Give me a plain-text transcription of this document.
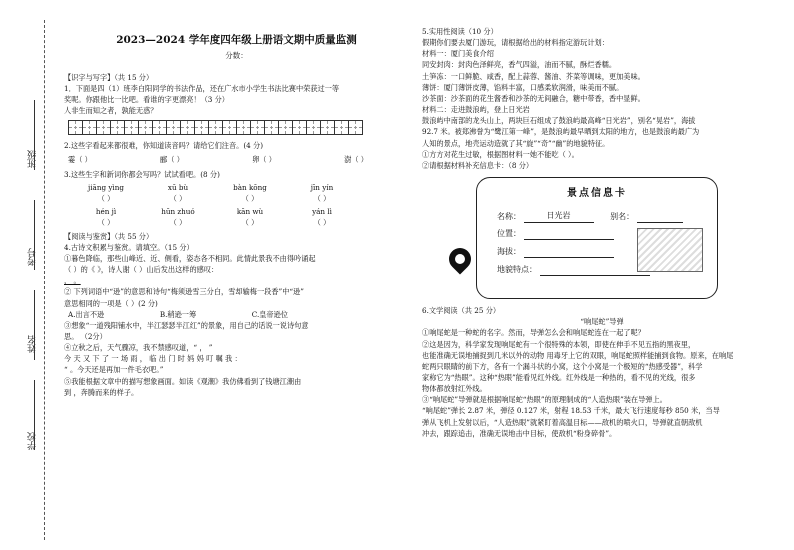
班级
考号
姓名
学校
2023—2024 学年度四年级上册语文期中质量监测
分数：

【识字与写字】（共 15 分）

1．下面是四（1）班李白阳同学的书法作品，还在广水市小学生书法比赛中荣获过一等

奖呢。你跟他比一比吧。看谁的字更漂亮！（3 分）

人非生而知之者，孰能无惑？

2.这些字看起来都很难，你知道读音吗？请给它们注音。(4 分)

霎（ ）	郦（ ）	卵（ ）	澍（ ）

3.这些生字和新词你都会写吗？试试看吧。(8 分)

jiāng yìng	xū bù	bàn kōng	jīn yín
（ ）	（ ）	（ ）	（ ）
hén jì	hūn zhuó	kān wù	yán lì
（ ）	（ ）	（ ）	（ ）

【阅读与鉴赏】（共 55 分）

4.古诗文积累与鉴赏。请填空。（15 分）

①暮色降临，那些山峰近、近、侧看，姿态各不相同。此情此景我不由得吟诵起

（ ）的《 》，诗人谢（ ）山后发出这样的感叹：

， 。

② 下列词语中“逊”的意思和诗句“梅须逊雪三分白，雪却输梅一段香”中“逊”

意思相同的一项是（ ）(2 分)

A.出言不逊	B.稍逊一筹	C.皇帝逊位

③想象“一道残阳铺水中，半江瑟瑟半江红”的景象，用自己的话说一说诗句意

思。 （2分）

④立秋之后，天气骤凉，我不禁感叹道，“ ， ”

今 天 又 下 了 一 场 雨 ， 临 出 门 时 妈 妈 叮 嘱 我 ：

“ 。今天还是再加一件毛衣吧。”

⑤我能根据文章中的描写想象画面。如读《观潮》我仿佛看到了钱塘江潮由

到 ，奔腾而来的样子。

5.实用性阅读（10 分）

假期你们要去厦门游玩，请根据给出的材料指定游玩计划：

材料一：厦门美食介绍

同安封肉：封肉色泽鲜亮，香气四溢，油而不腻，酥烂香糯。

土笋冻：一口鲜脆、咸香，配上蒜蓉、酱油、芥菜等调味，更加美味。

薄饼：厦门薄饼皮薄，馅料丰富，口感柔软润滑，味美而不腻。

沙茶面：沙茶面的花生酱香和沙茶的无间融合，糖中带香，香中显鲜。

材料二：走进鼓浪屿，登上日光岩

鼓浪屿中南部的龙头山上，两块巨石组成了鼓浪屿最高峰“日光岩”，别名“晃岩”，海拔

92.7 米。被郑沸誉为“鹭江第一峰”，是鼓浪屿最早晒到太阳的地方，也是鼓浪屿最广为

人知的景点，地壳运动造就了其“旋”“奇”“幽”的地貌特征。

①方方对花生过敏，根据图材料一她不能吃（ ）。

②请根据材料补充信息卡：（8 分）

景点信息卡
名称：	日光岩	别名：
位置：
海拔：
地貌特点：

6.文学阅读（共 25 分）

“响尾蛇”导弹

①响尾蛇是一种蛇的名字。然而，导弹怎么会和响尾蛇连在一起了呢？

②这是因为，科学家发现响尾蛇有一个很特殊的本领，即使在伸手不见五指的黑夜里，

也能准确无误地捕捉到几米以外的动物 用毒牙上它的双眼，响尾蛇照样能捕到食物。原来，在响尾

蛇两只眼睛的前下方，各有一个漏斗状的小窝，这个小窝是一个极短的“热感受器”，科学

家称它为“热眼”。这种“热眼”能看见红外线。红外线是一种热的，看不见的光线，很多

物体都放射红外线。

③“响尾蛇”导弹就是根据响尾蛇“热眼”的原理制成的“人造热眼”装在导弹上。

“响尾蛇”弹长 2.87 米，弹径 0.127 米，射程 18.53 千米，最大飞行速度每秒 850 米，当导

弹从飞机上发射以后，“人造热眼”就紧盯着高温目标——敌机的喷火口，导弹就直朝敌机

冲去，跟踪追击，准确无误地击中目标，使敌机“粉身碎骨”。
